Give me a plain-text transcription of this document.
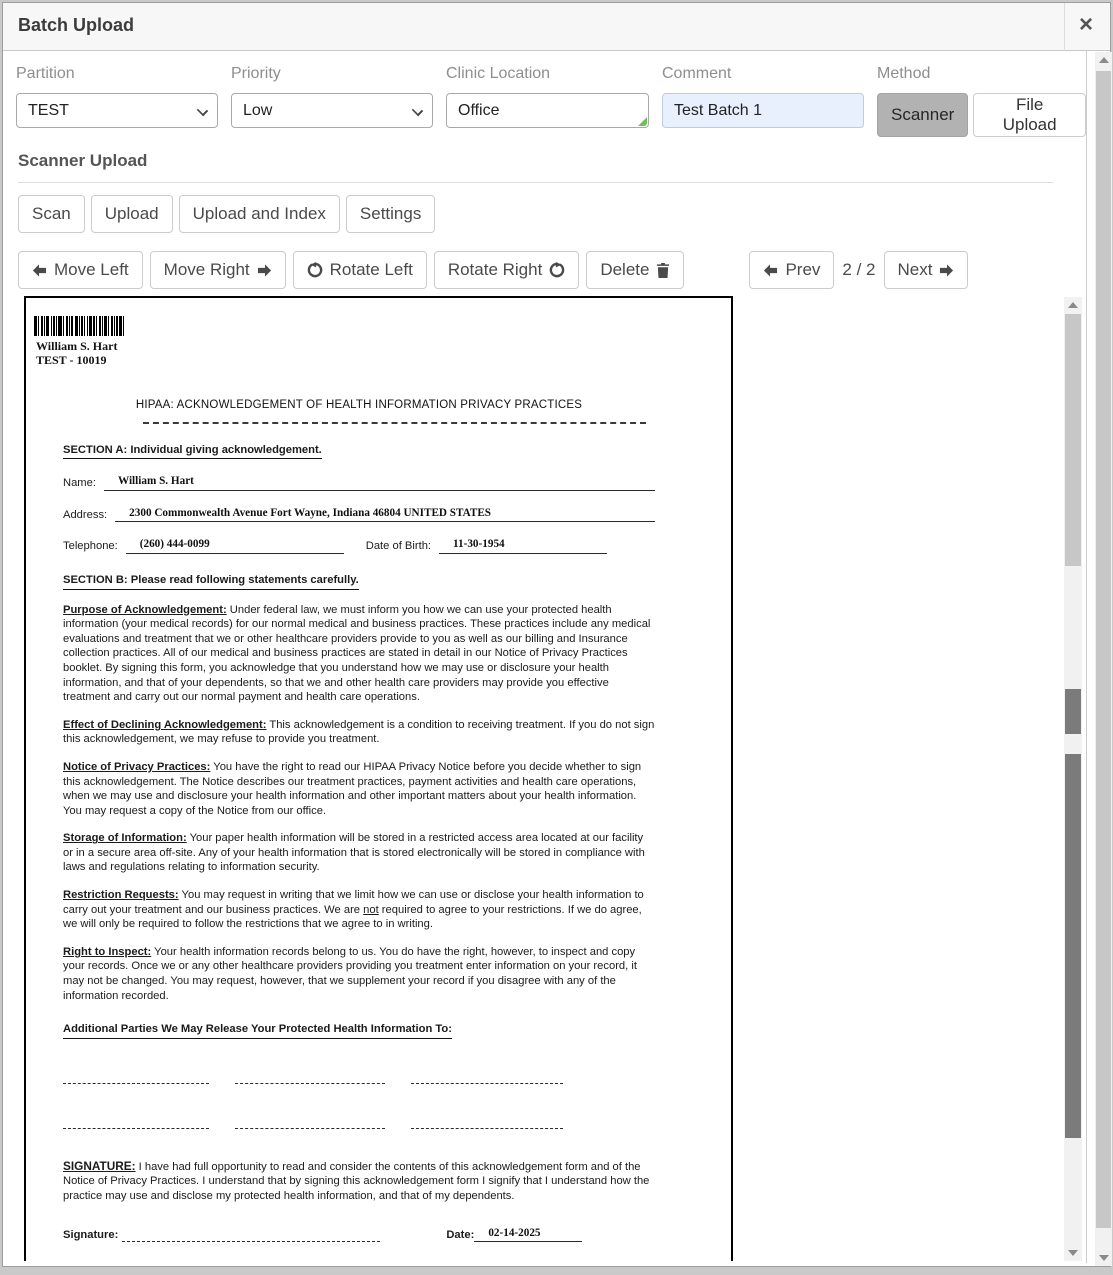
Batch Upload	×
Partition
TEST
Priority
Low
Clinic Location
Office
Comment
Test Batch 1	Method
Scanner
File Upload
Scanner Upload
Scan	Upload	Upload and Index	Settings
Move Left Move Right	Rotate Left Rotate Right	Delete	Prev 2 / 2 Next
William S. Hart
TEST - 10019
HIPAA: ACKNOWLEDGEMENT OF HEALTH INFORMATION PRIVACY PRACTICES
SECTION A: Individual giving acknowledgement.
Name:	William S. Hart
Address:	2300 Commonwealth Avenue Fort Wayne, Indiana 46804 UNITED STATES
Telephone:	(260) 444-0099	Date of Birth:	11-30-1954
SECTION B: Please read following statements carefully.
Purpose of Acknowledgement: Under federal law, we must inform you how we can use your protected health information (your medical records) for our normal medical and business practices. These practices include any medical evaluations and treatment that we or other healthcare providers provide to you as well as our billing and Insurance collection practices. All of our medical and business practices are stated in detail in our Notice of Privacy Practices booklet. By signing this form, you acknowledge that you understand how we may use or disclosure your health information, and that of your dependents, so that we and other health care providers may provide you effective treatment and carry out our normal payment and health care operations.
Effect of Declining Acknowledgement: This acknowledgement is a condition to receiving treatment. If you do not sign this acknowledgement, we may refuse to provide you treatment.
Notice of Privacy Practices: You have the right to read our HIPAA Privacy Notice before you decide whether to sign this acknowledgement. The Notice describes our treatment practices, payment activities and health care operations, when we may use and disclosure your health information and other important matters about your health information. You may request a copy of the Notice from our office.
Storage of Information: Your paper health information will be stored in a restricted access area located at our facility or in a secure area off-site. Any of your health information that is stored electronically will be stored in compliance with laws and regulations relating to information security.
Restriction Requests: You may request in writing that we limit how we can use or disclose your health information to carry out your treatment and our business practices. We are not required to agree to your restrictions. If we do agree, we will only be required to follow the restrictions that we agree to in writing.
Right to Inspect: Your health information records belong to us. You do have the right, however, to inspect and copy your records. Once we or any other healthcare providers providing you treatment enter information on your record, it may not be changed. You may request, however, that we supplement your record if you disagree with any of the information recorded.
Additional Parties We May Release Your Protected Health Information To:
SIGNATURE: I have had full opportunity to read and consider the contents of this acknowledgement form and of the Notice of Privacy Practices. I understand that by signing this acknowledgement form I signify that I understand how the practice may use and disclose my protected health information, and that of my dependents.
Signature:	Date:	02-14-2025
